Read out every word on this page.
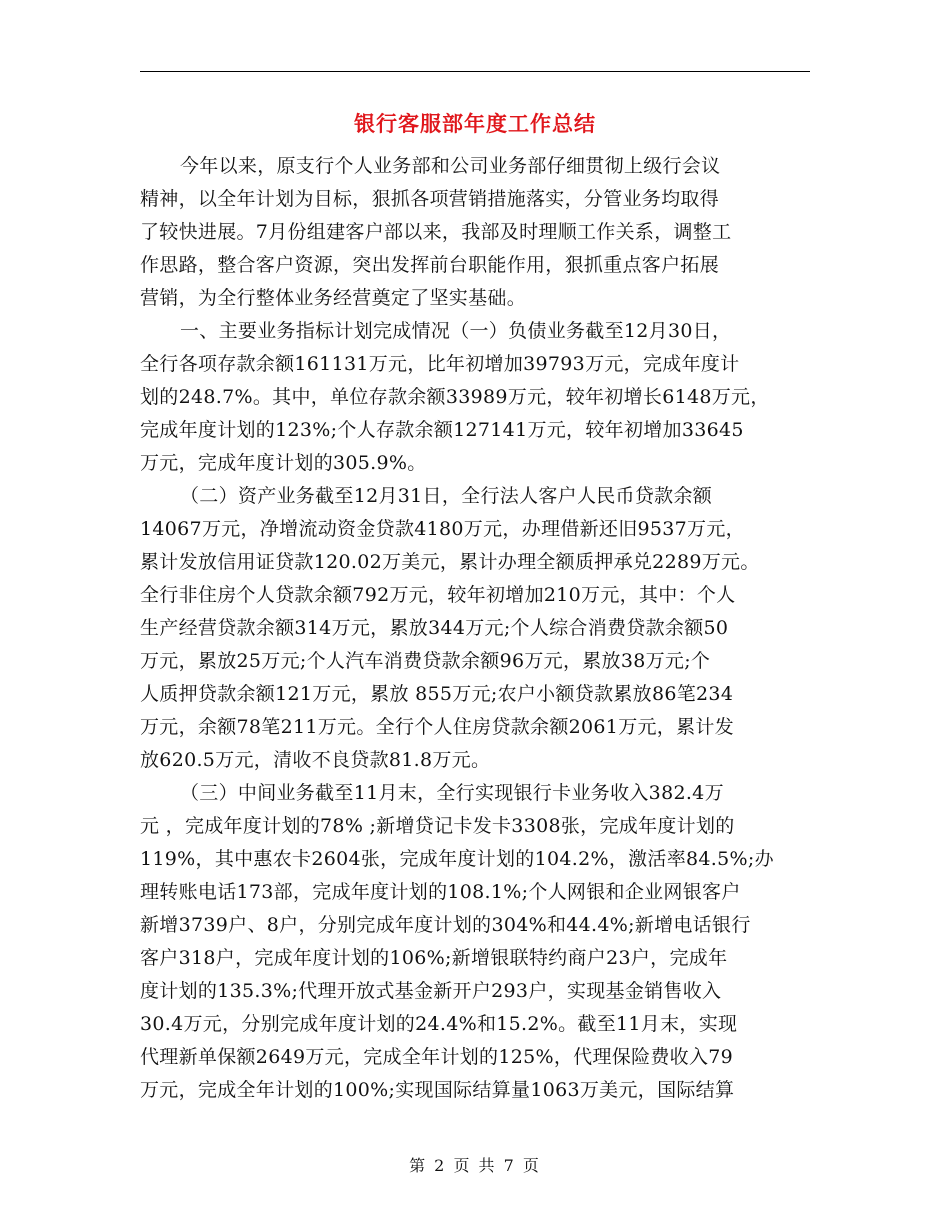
银行客服部年度工作总结
今年以来，原支行个人业务部和公司业务部仔细贯彻上级行会议
精神，以全年计划为目标，狠抓各项营销措施落实，分管业务均取得
了较快进展。7月份组建客户部以来，我部及时理顺工作关系，调整工
作思路，整合客户资源，突出发挥前台职能作用，狠抓重点客户拓展
营销，为全行整体业务经营奠定了坚实基础。
一、主要业务指标计划完成情况（一）负债业务截至12月30日，
全行各项存款余额161131万元，比年初增加39793万元，完成年度计
划的248.7%。其中，单位存款余额33989万元，较年初增长6148万元，
完成年度计划的123%;个人存款余额127141万元，较年初增加33645
万元，完成年度计划的305.9%。
（二）资产业务截至12月31日，全行法人客户人民币贷款余额
14067万元，净增流动资金贷款4180万元，办理借新还旧9537万元，
累计发放信用证贷款120.02万美元，累计办理全额质押承兑2289万元。
全行非住房个人贷款余额792万元，较年初增加210万元，其中：个人
生产经营贷款余额314万元，累放344万元;个人综合消费贷款余额50
万元，累放25万元;个人汽车消费贷款余额96万元，累放38万元;个
人质押贷款余额121万元，累放 855万元;农户小额贷款累放86笔234
万元，余额78笔211万元。全行个人住房贷款余额2061万元，累计发
放620.5万元，清收不良贷款81.8万元。
（三）中间业务截至11月末，全行实现银行卡业务收入382.4万
元 ，完成年度计划的78% ;新增贷记卡发卡3308张，完成年度计划的
119%，其中惠农卡2604张，完成年度计划的104.2%，激活率84.5%;办
理转账电话173部，完成年度计划的108.1%;个人网银和企业网银客户
新增3739户、8户，分别完成年度计划的304%和44.4%;新增电话银行
客户318户，完成年度计划的106%;新增银联特约商户23户，完成年
度计划的135.3%;代理开放式基金新开户293户，实现基金销售收入
30.4万元，分别完成年度计划的24.4%和15.2%。截至11月末，实现
代理新单保额2649万元，完成全年计划的125%，代理保险费收入79
万元，完成全年计划的100%;实现国际结算量1063万美元，国际结算
第 2 页 共 7 页
